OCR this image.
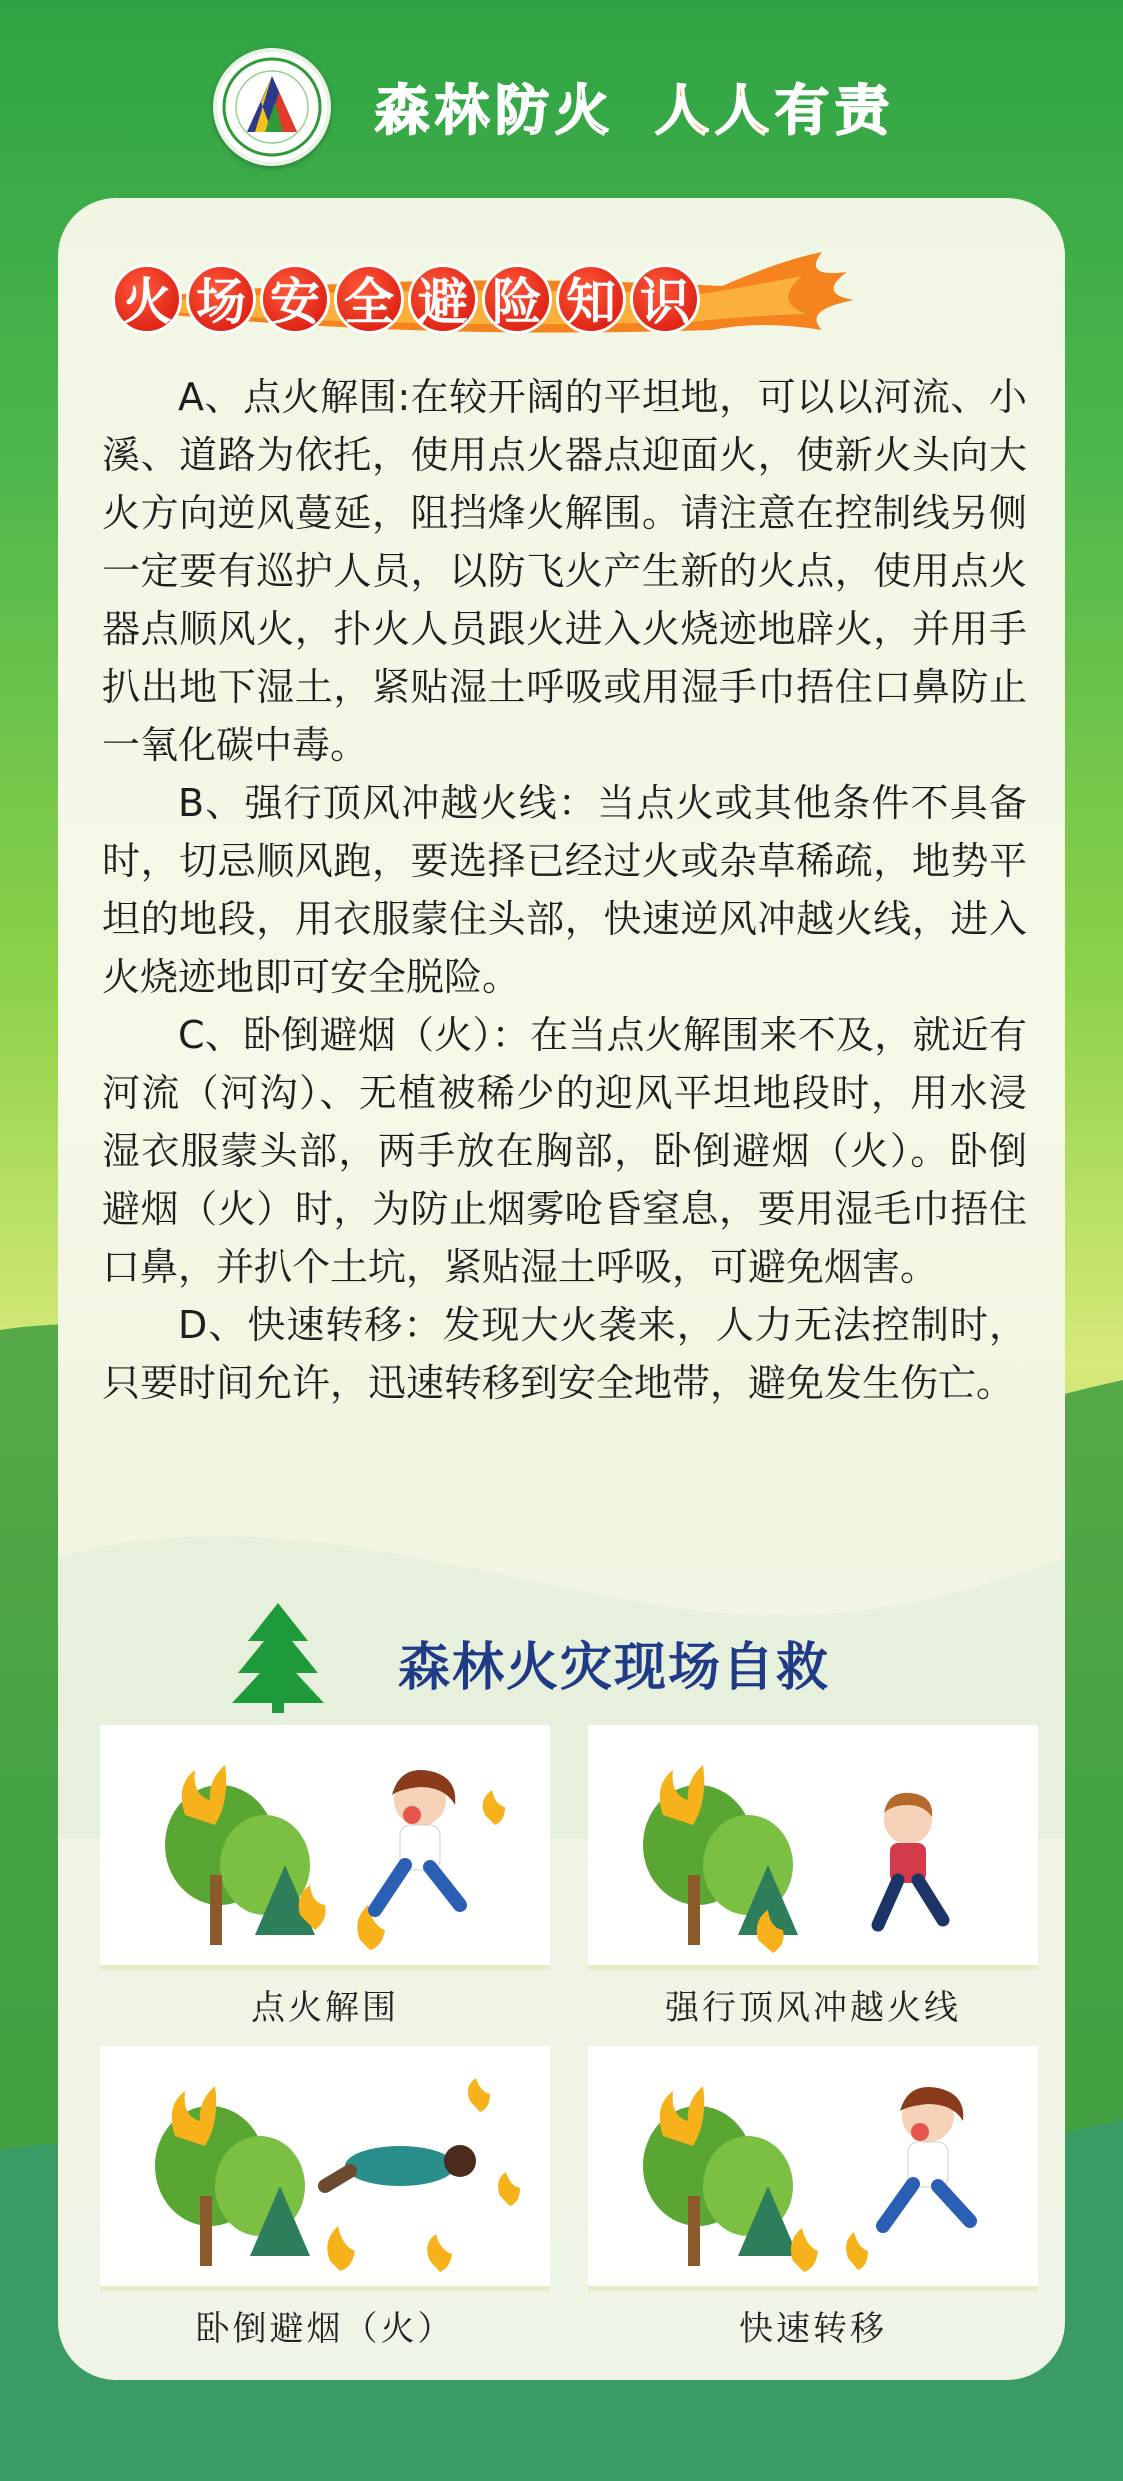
森林防火 人人有责
火 场 安 全 避 险 知 识

A、点火解围:在较开阔的平坦地，可以以河流、小溪、道路为依托，使用点火器点迎面火，使新火头向大火方向逆风蔓延，阻挡烽火解围。请注意在控制线另侧一定要有巡护人员，以防飞火产生新的火点，使用点火器点顺风火，扑火人员跟火进入火烧迹地辟火，并用手扒出地下湿土，紧贴湿土呼吸或用湿手巾捂住口鼻防止一氧化碳中毒。

B、强行顶风冲越火线：当点火或其他条件不具备时，切忌顺风跑，要选择已经过火或杂草稀疏，地势平坦的地段，用衣服蒙住头部，快速逆风冲越火线，进入火烧迹地即可安全脱险。

C、卧倒避烟（火）：在当点火解围来不及，就近有河流（河沟）、无植被稀少的迎风平坦地段时，用水浸湿衣服蒙头部，两手放在胸部，卧倒避烟（火）。卧倒避烟（火）时，为防止烟雾呛昏窒息，要用湿毛巾捂住口鼻，并扒个土坑，紧贴湿土呼吸，可避免烟害。

D、快速转移：发现大火袭来，人力无法控制时，只要时间允许，迅速转移到安全地带，避免发生伤亡。

森林火灾现场自救
点火解围	强行顶风冲越火线
卧倒避烟（火）	快速转移
